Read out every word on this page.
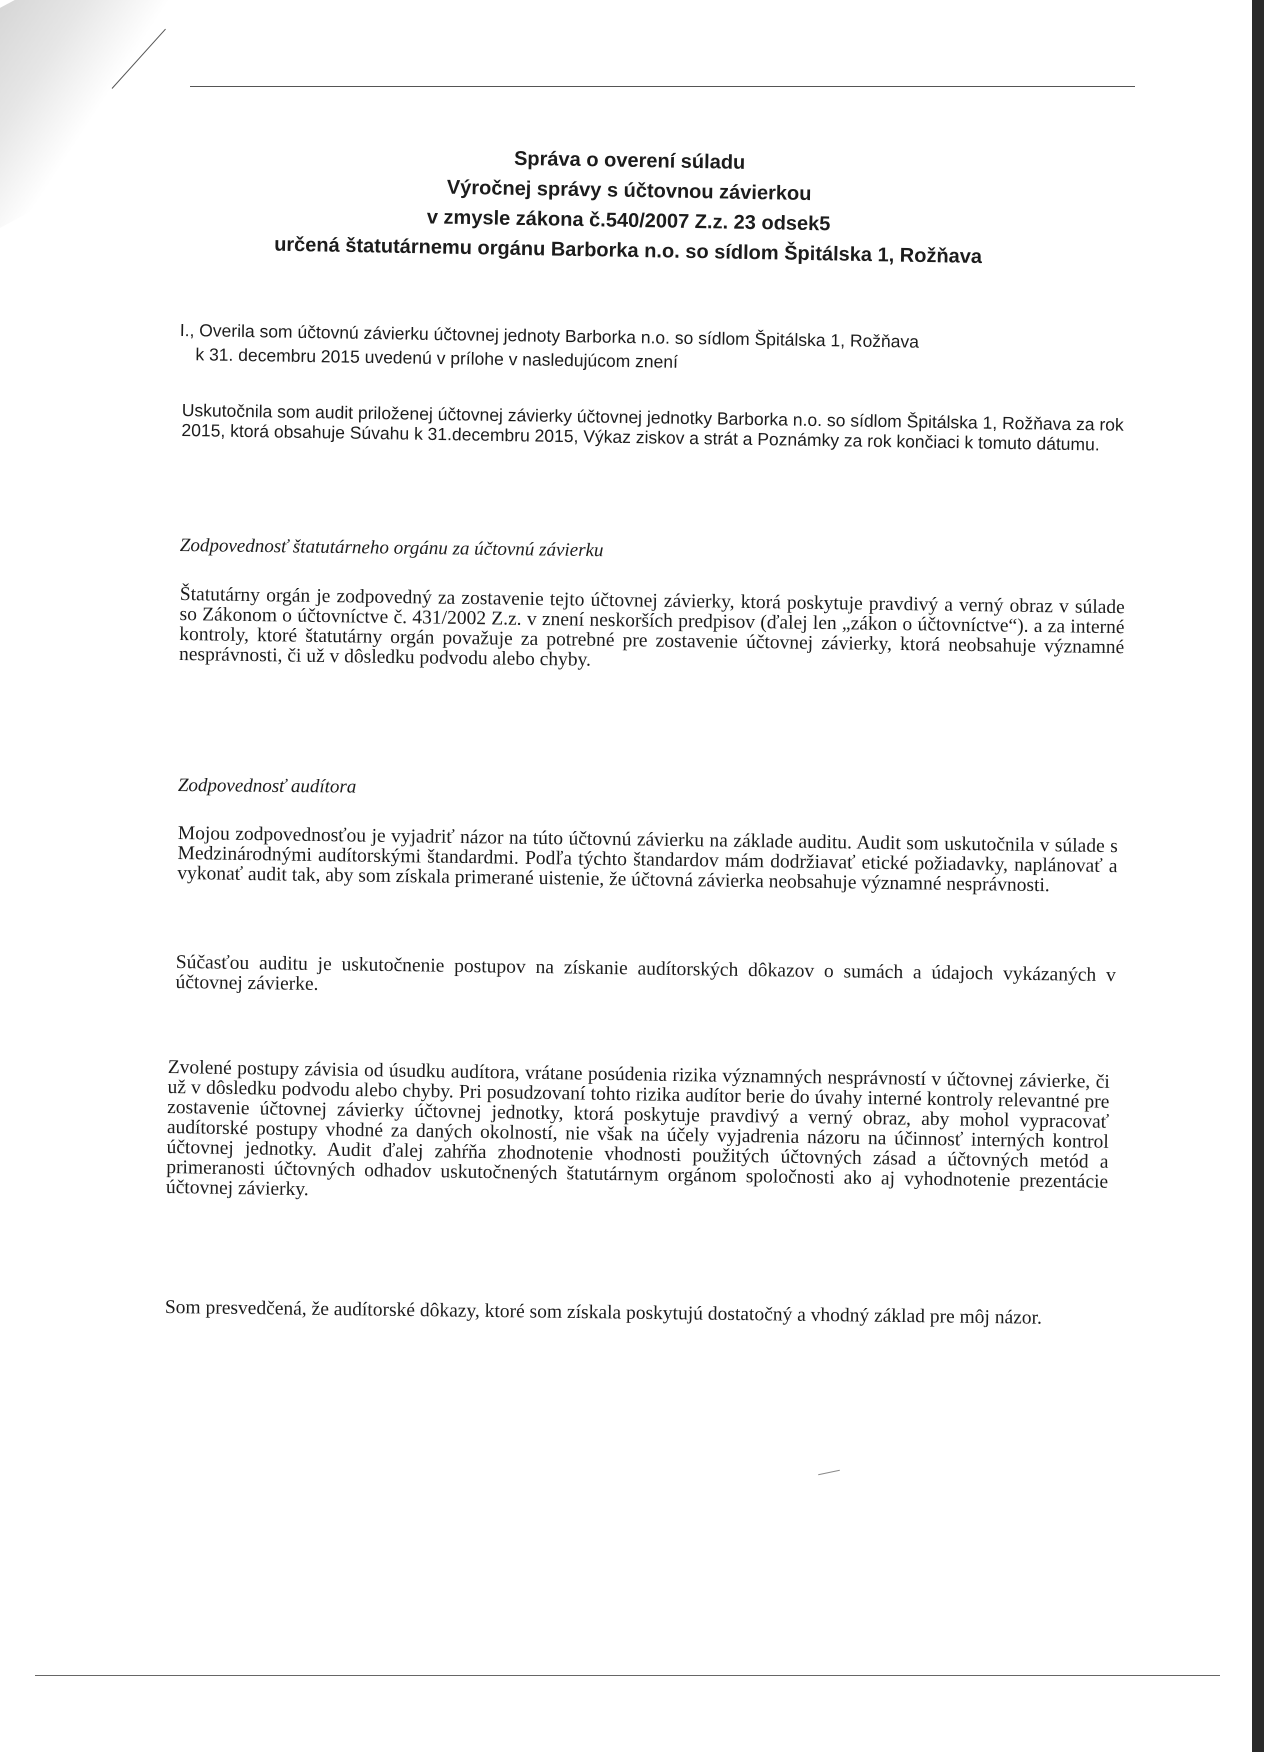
Správa o overení súladu
Výročnej správy s účtovnou závierkou
v zmysle zákona č.540/2007 Z.z. 23 odsek5
určená štatutárnemu orgánu Barborka n.o. so sídlom Špitálska 1, Rožňava
I., Overila som účtovnú závierku účtovnej jednoty Barborka n.o. so sídlom Špitálska 1, Rožňava
k 31. decembru 2015 uvedenú v prílohe v nasledujúcom znení

Uskutočnila som audit priloženej účtovnej závierky účtovnej jednotky Barborka n.o. so sídlom Špitálska 1, Rožňava za rok 2015, ktorá obsahuje Súvahu k 31.decembru 2015, Výkaz ziskov a strát a Poznámky za rok končiaci k tomuto dátumu.

Zodpovednosť štatutárneho orgánu za účtovnú závierku

Štatutárny orgán je zodpovedný za zostavenie tejto účtovnej závierky, ktorá poskytuje pravdivý a verný obraz v súlade so Zákonom o účtovníctve č. 431/2002 Z.z. v znení neskorších predpisov (ďalej len „zákon o účtovníctve“). a za interné kontroly, ktoré štatutárny orgán považuje za potrebné pre zostavenie účtovnej závierky, ktorá neobsahuje významné nesprávnosti, či už v dôsledku podvodu alebo chyby.

Zodpovednosť audítora

Mojou zodpovednosťou je vyjadriť názor na túto účtovnú závierku na základe auditu. Audit som uskutočnila v súlade s Medzinárodnými audítorskými štandardmi. Podľa týchto štandardov mám dodržiavať etické požiadavky, naplánovať a vykonať audit tak, aby som získala primerané uistenie, že účtovná závierka neobsahuje významné nesprávnosti.

Súčasťou auditu je uskutočnenie postupov na získanie audítorských dôkazov o sumách a údajoch vykázaných v účtovnej závierke.

Zvolené postupy závisia od úsudku audítora, vrátane posúdenia rizika významných nesprávností v účtovnej závierke, či už v dôsledku podvodu alebo chyby. Pri posudzovaní tohto rizika audítor berie do úvahy interné kontroly relevantné pre zostavenie účtovnej závierky účtovnej jednotky, ktorá poskytuje pravdivý a verný obraz, aby mohol vypracovať audítorské postupy vhodné za daných okolností, nie však na účely vyjadrenia názoru na účinnosť interných kontrol účtovnej jednotky. Audit ďalej zahŕňa zhodnotenie vhodnosti použitých účtovných zásad a účtovných metód a primeranosti účtovných odhadov uskutočnených štatutárnym orgánom spoločnosti ako aj vyhodnotenie prezentácie účtovnej závierky.

Som presvedčená, že audítorské dôkazy, ktoré som získala poskytujú dostatočný a vhodný základ pre môj názor.
